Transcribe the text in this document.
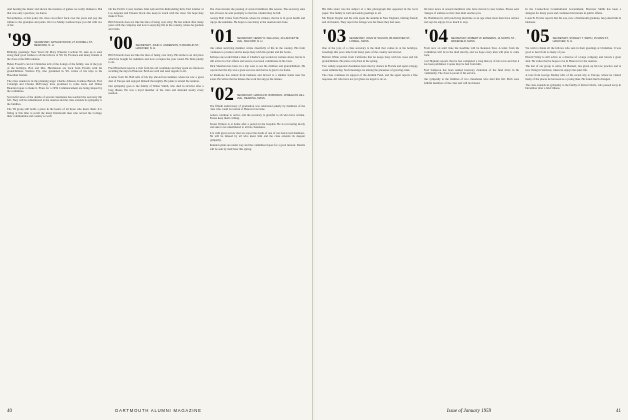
And hearing the music and shown the features of games we really flamenco. But that was only a preview, we dance.

Nevertheless, at this point, the class can reflect back over the years and pay due tribute to the grandpas and pants. On Coo Manly Galleon hope you did with two of his

'99 SECRETARY, ARTHUR WOOD, 27 FOXWELL ST., BEDFORD, N. H.

Birthday greetings: New Year's Dr Mary Wheeler Cochran '01 asks us to send along their good wishes to all the fellows of '99. Ill, Florence and many friends of the class at the 60th reunion.

Helen Everett's card at Christmas told of the doings of the family, one of the joys of the holidays. Bob and Mrs. Hutchinson are back from Florida with the grandchildren. Wallace Ely, who graduated in '99, writes of his trips to the Hawaiian Islands.

The class reunion is in the planning stage: Charlie Johnson, Ivanhoe Barrett, Fred Cobleigh and Charles McEvaney have promised to come back, and Walter Bearden hopes to make it. Plans for a 1959 Commencement are being shaped by the committee.

Sorrowful news of the deaths of several classmates has reached the secretary this fall. They will be remembered at the reunion and the class extends its sympathy to the families.

The '99 group still holds a place in the hearts of all those who knew them. It is fitting at this time to recall the many Dartmouth men who served the College, their communities and country so well.

On the Pacific Coast, besides John Ash and his Remodeling firm, Earl Glazier of Los Angeles and Eleanor Rock also keep in touch with the class. We hope they make it East.

Bill Edwards does not like the idea of being over sixty. He has retired after many years with the company and now is enjoying life in the country, where he gardens and visits.

'00 SECRETARY, JOHN C. ANDERSON, 5 FRANKLIN ST., HANOVER, N. H.

Bill Edwards does not like the idea of being over sixty. His home is an old place which he bought for summers and now occupies the year round. He finds plenty to do.

Fred Blanchard reports a visit from his old roommate and they spent an afternoon recalling the days in Hanover. Both are well and send regards to all.

A letter from Dr. Hall tells of his trip abroad last summer, where he saw a great deal of Europe and enjoyed himself thoroughly. He plans to attend the reunion.

Our sympathy goes to the family of Walter Smith, who died in October after a long illness. He was a loyal member of the class and attended nearly every reunion.

The class mourns the passing of several members this season. The secretary asks that all news be sent promptly so that the column may be full.

George Hall writes from Florida, where he winters, that he is in good health and enjoys the sunshine. He hopes to see many at the reunion next June.

'01 SECRETARY, HENRY D. KELLOGG, 40 LAFAYETTE AVE., MILFORD, N. H.

Our oldest surviving member writes cheerfully of life in the country. His farm continues to produce and he keeps busy with his garden and his books.

Perhaps one would think a man of Charlie's age would not venture about, but he is still active in civic affairs and serves on several committees in his town.

Dick Sherman has been on a trip west to see his children and grandchildren. He reports that the trip was a great success and that he is glad to be home.

Al Redstone has retired from business and moved to a smaller home near the water. He writes that he misses the work but enjoys the leisure.

'02 SECRETARY, HAROLD B. ROBINSON, 18 BEACON HILL AVE., READING, MASS.

The fiftieth anniversary of graduation was celebrated quietly by members of the class who could not return to Hanover last June.

Letters continue to arrive, and the secretary is grateful to all who have written. Please keep them coming.

Ernest Walters is at home after a period in the hospital. He is recovering nicely and asks to be remembered to all his classmates.

It is with great sorrow that we report the death of one of our best-loved members. He will be missed by all who knew him and the class extends its deepest sympathy.

Reunion plans are under way and the committee hopes for a good turnout. Details will be sent by mail later this spring.

40	DARTMOUTH ALUMNI MAGAZINE

His little sister was the subject of a fine photograph that appeared in the local paper. The family is well and sends greetings to all.

Mr. Bryan Zieglar and his wife spent the autumn in New England, visiting friends and old haunts. They report the foliage was the finest they had seen.

'03 SECRETARY, JOHN W. WILSON, 86 ANDOVER ST., LOWELL, MASS.

One of the joys of a class secretary is the mail that comes in at the holidays. Greetings this year came from many parts of the country and abroad.

Herbert White writes from California that he keeps busy with his roses and his grandchildren. He plans a trip East in the spring.

Two widely separated classmates have met by chance in Florida and spent a happy week reminiscing. Such meetings are among the pleasures of growing older.

The class continues its support of the Alumni Fund, and the agent reports a fine response. All who have not yet given are urged to do so.

We have news of several members who have moved to new homes. Please send changes of address so that class mail reaches you.

Dr. Hammond is still practicing medicine at an age when most men have retired, and says he enjoys it too much to stop.

'04 SECRETARY, ROBERT W. EDWARDS, 14 NORTH ST., WAKEFIELD, MASS.

From now on until June the headline will be Reunion Year. A letter from the Committee will be in the mail shortly, and we hope every man will plan to come back.

Carl Hopkins reports that he has completed a long history of his town and that it has been published. Copies may be had from him.

Fred Sampson has been named honorary chairman of the fund drive in his community. The class is proud of his service.

Our sympathy to the families of two classmates who died this fall. Both were faithful members of the class and will be missed.

In the Connecticut Constitutional Government, Brewster Smith has been a delegate for many years and continues his interest in public affairs.

Louis B. Fowler reports that his son, now a Dartmouth graduate, has joined him in business.

'05 SECRETARY, STANLEY T. SMITH, 15 MAIN ST., HANOVER, N. H.

We wish to thank all the fellows who sent in their greetings at Christmas. It was good to hear from so many of you.

Harold Wiley is still active as a director of a large company and travels a great deal. He writes that he hopes to be in Hanover for the reunion.

The last of our group to retire, Ed Bennett, has given up his law practice and is now living in Vermont, where he enjoys the quiet life.

A note from George Dudley tells of his recent trip to Europe, where he visited many of the places he had seen as a young man. He found much changed.

The class extends its sympathy to the family of Robert Davis, who passed away in December after a brief illness.

Issue of January 1959	41
